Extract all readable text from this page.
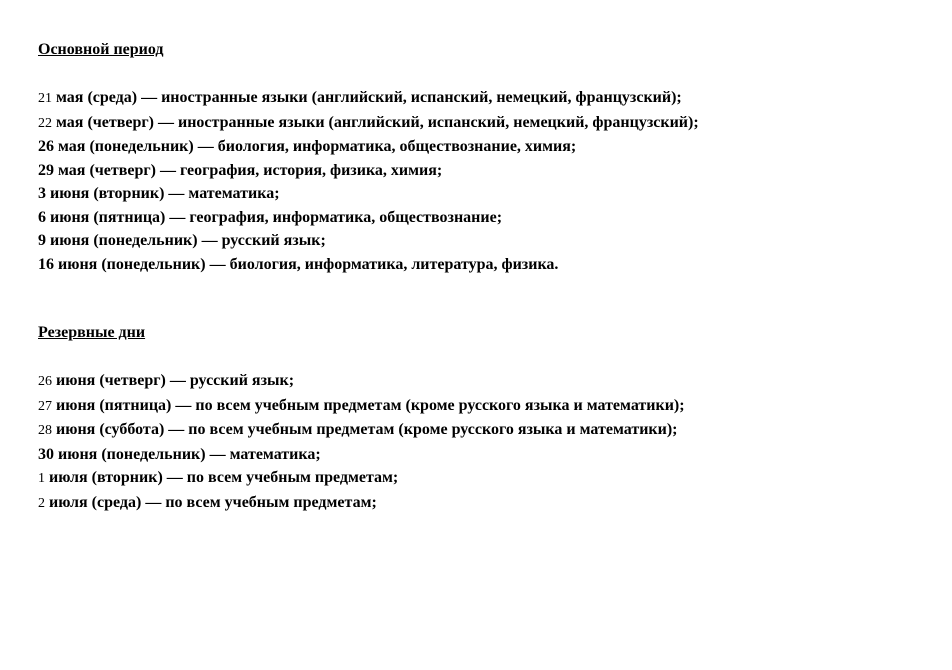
Основной период

21 мая (среда) — иностранные языки (английский, испанский, немецкий, французский);
22 мая (четверг) — иностранные языки (английский, испанский, немецкий, французский);
26 мая (понедельник) — биология, информатика, обществознание, химия;
29 мая (четверг) — география, история, физика, химия;
3 июня (вторник) — математика;
6 июня (пятница) — география, информатика, обществознание;
9 июня (понедельник) — русский язык;
16 июня (понедельник) — биология, информатика, литература, физика.

Резервные дни

26 июня (четверг) — русский язык;
27 июня (пятница) — по всем учебным предметам (кроме русского языка и математики);
28 июня (суббота) — по всем учебным предметам (кроме русского языка и математики);
30 июня (понедельник) — математика;
1 июля (вторник) — по всем учебным предметам;
2 июля (среда) — по всем учебным предметам;
